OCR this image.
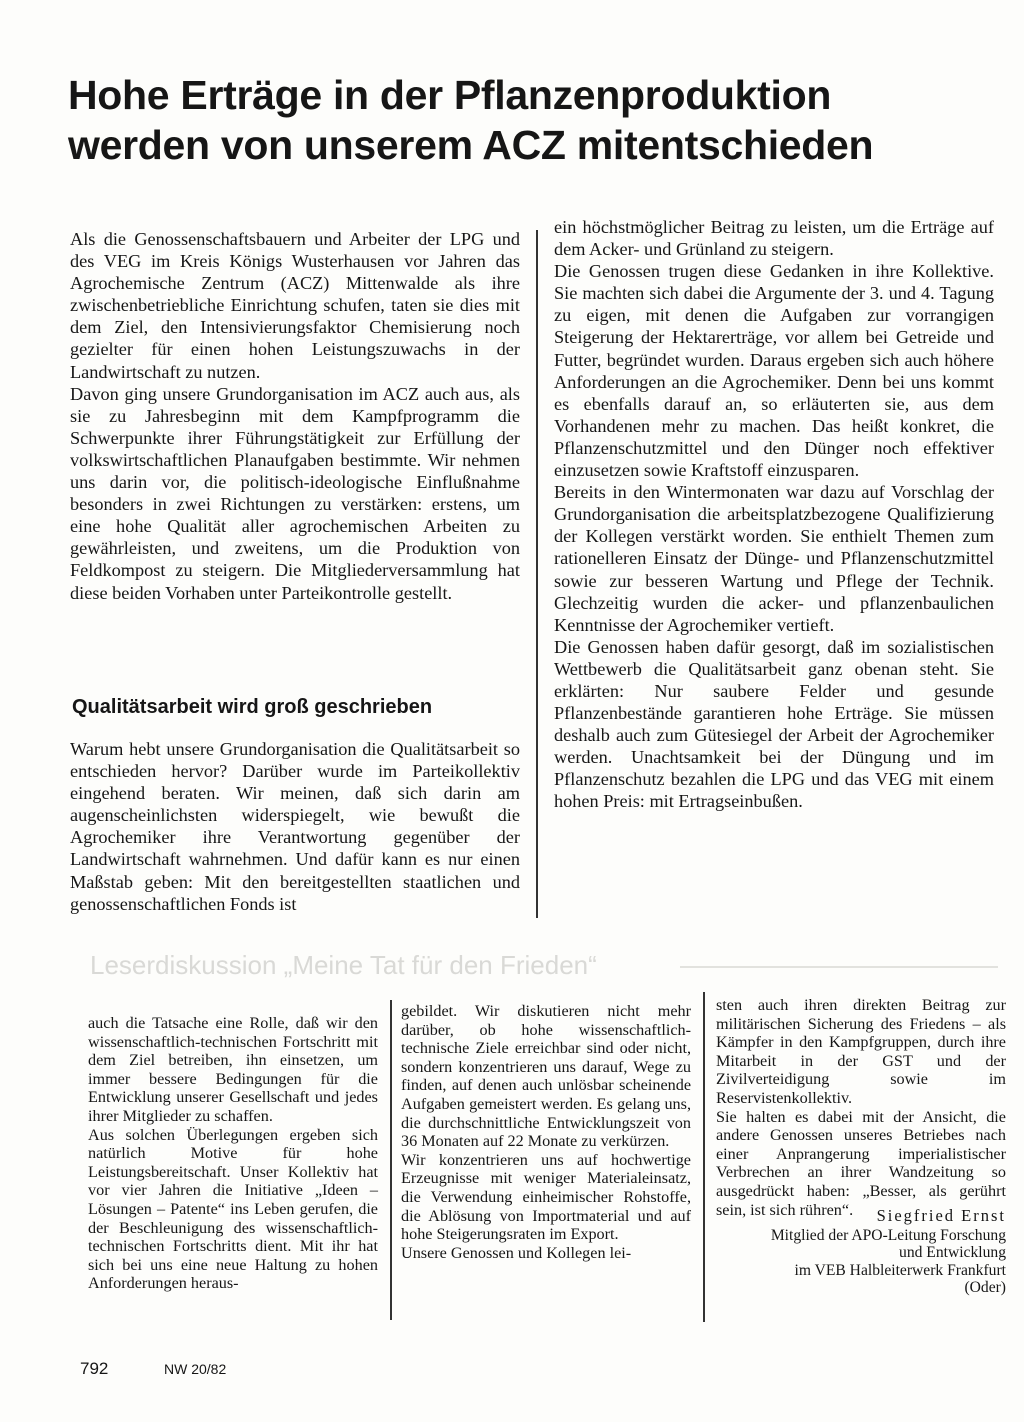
Hohe Erträge in der Pflanzenproduktion
werden von unserem ACZ mitentschieden

Als die Genossenschaftsbauern und Arbeiter der LPG und des VEG im Kreis Königs Wusterhausen vor Jahren das Agrochemische Zentrum (ACZ) Mittenwalde als ihre zwischenbetriebliche Einrichtung schufen, taten sie dies mit dem Ziel, den Intensivierungsfaktor Chemisierung noch gezielter für einen hohen Leistungszuwachs in der Landwirtschaft zu nutzen.

Davon ging unsere Grundorganisation im ACZ auch aus, als sie zu Jahresbeginn mit dem Kampfprogramm die Schwerpunkte ihrer Führungstätigkeit zur Erfüllung der volkswirtschaftlichen Planaufgaben bestimmte. Wir nehmen uns darin vor, die politisch-ideologische Einflußnahme besonders in zwei Richtungen zu verstärken: erstens, um eine hohe Qualität aller agrochemischen Arbeiten zu gewährleisten, und zweitens, um die Produktion von Feldkompost zu steigern. Die Mitgliederversammlung hat diese beiden Vorhaben unter Parteikontrolle gestellt.

Qualitätsarbeit wird groß geschrieben

Warum hebt unsere Grundorganisation die Qualitätsarbeit so entschieden hervor? Darüber wurde im Parteikollektiv eingehend beraten. Wir meinen, daß sich darin am augenscheinlichsten widerspiegelt, wie bewußt die Agrochemiker ihre Verantwortung gegenüber der Landwirtschaft wahrnehmen. Und dafür kann es nur einen Maßstab geben: Mit den bereitgestellten staatlichen und genossenschaftlichen Fonds ist

ein höchstmöglicher Beitrag zu leisten, um die Erträge auf dem Acker- und Grünland zu steigern.

Die Genossen trugen diese Gedanken in ihre Kollektive. Sie machten sich dabei die Argumente der 3. und 4. Tagung zu eigen, mit denen die Aufgaben zur vorrangigen Steigerung der Hektarerträge, vor allem bei Getreide und Futter, begründet wurden. Daraus ergeben sich auch höhere Anforderungen an die Agrochemiker. Denn bei uns kommt es ebenfalls darauf an, so erläuterten sie, aus dem Vorhandenen mehr zu machen. Das heißt konkret, die Pflanzenschutzmittel und den Dünger noch effektiver einzusetzen sowie Kraftstoff einzusparen.

Bereits in den Wintermonaten war dazu auf Vorschlag der Grundorganisation die arbeitsplatzbezogene Qualifizierung der Kollegen verstärkt worden. Sie enthielt Themen zum rationelleren Einsatz der Dünge- und Pflanzenschutzmittel sowie zur besseren Wartung und Pflege der Technik. Glechzeitig wurden die acker- und pflanzenbaulichen Kenntnisse der Agrochemiker vertieft.

Die Genossen haben dafür gesorgt, daß im sozialistischen Wettbewerb die Qualitätsarbeit ganz obenan steht. Sie erklärten: Nur saubere Felder und gesunde Pflanzenbestände garantieren hohe Erträge. Sie müssen deshalb auch zum Gütesiegel der Arbeit der Agrochemiker werden. Unachtsamkeit bei der Düngung und im Pflanzenschutz bezahlen die LPG und das VEG mit einem hohen Preis: mit Ertragseinbußen.

Leserdiskussion „Meine Tat für den Frieden“

auch die Tatsache eine Rolle, daß wir den wissenschaftlich-technischen Fortschritt mit dem Ziel betreiben, ihn einsetzen, um immer bessere Bedingungen für die Entwicklung unserer Gesellschaft und jedes ihrer Mitglieder zu schaffen.

Aus solchen Überlegungen ergeben sich natürlich Motive für hohe Leistungsbereitschaft. Unser Kollektiv hat vor vier Jahren die Initiative „Ideen – Lösungen – Patente“ ins Leben gerufen, die der Beschleunigung des wissenschaftlich-technischen Fortschritts dient. Mit ihr hat sich bei uns eine neue Haltung zu hohen Anforderungen heraus-

gebildet. Wir diskutieren nicht mehr darüber, ob hohe wissenschaftlich-technische Ziele erreichbar sind oder nicht, sondern konzentrieren uns darauf, Wege zu finden, auf denen auch unlösbar scheinende Aufgaben gemeistert werden. Es gelang uns, die durchschnittliche Entwicklungszeit von 36 Monaten auf 22 Monate zu verkürzen.

Wir konzentrieren uns auf hochwertige Erzeugnisse mit weniger Materialeinsatz, die Verwendung einheimischer Rohstoffe, die Ablösung von Importmaterial und auf hohe Steigerungsraten im Export.

Unsere Genossen und Kollegen lei-

sten auch ihren direkten Beitrag zur militärischen Sicherung des Friedens – als Kämpfer in den Kampfgruppen, durch ihre Mitarbeit in der GST und der Zivilverteidigung sowie im Reservistenkollektiv.

Sie halten es dabei mit der Ansicht, die andere Genossen unseres Betriebes nach einer Anprangerung imperialistischer Verbrechen an ihrer Wandzeitung so ausgedrückt haben: „Besser, als gerührt sein, ist sich rühren“.	Siegfried Ernst
Mitglied der APO-Leitung Forschung
und Entwicklung
im VEB Halbleiterwerk Frankfurt
(Oder)
792	NW 20/82
